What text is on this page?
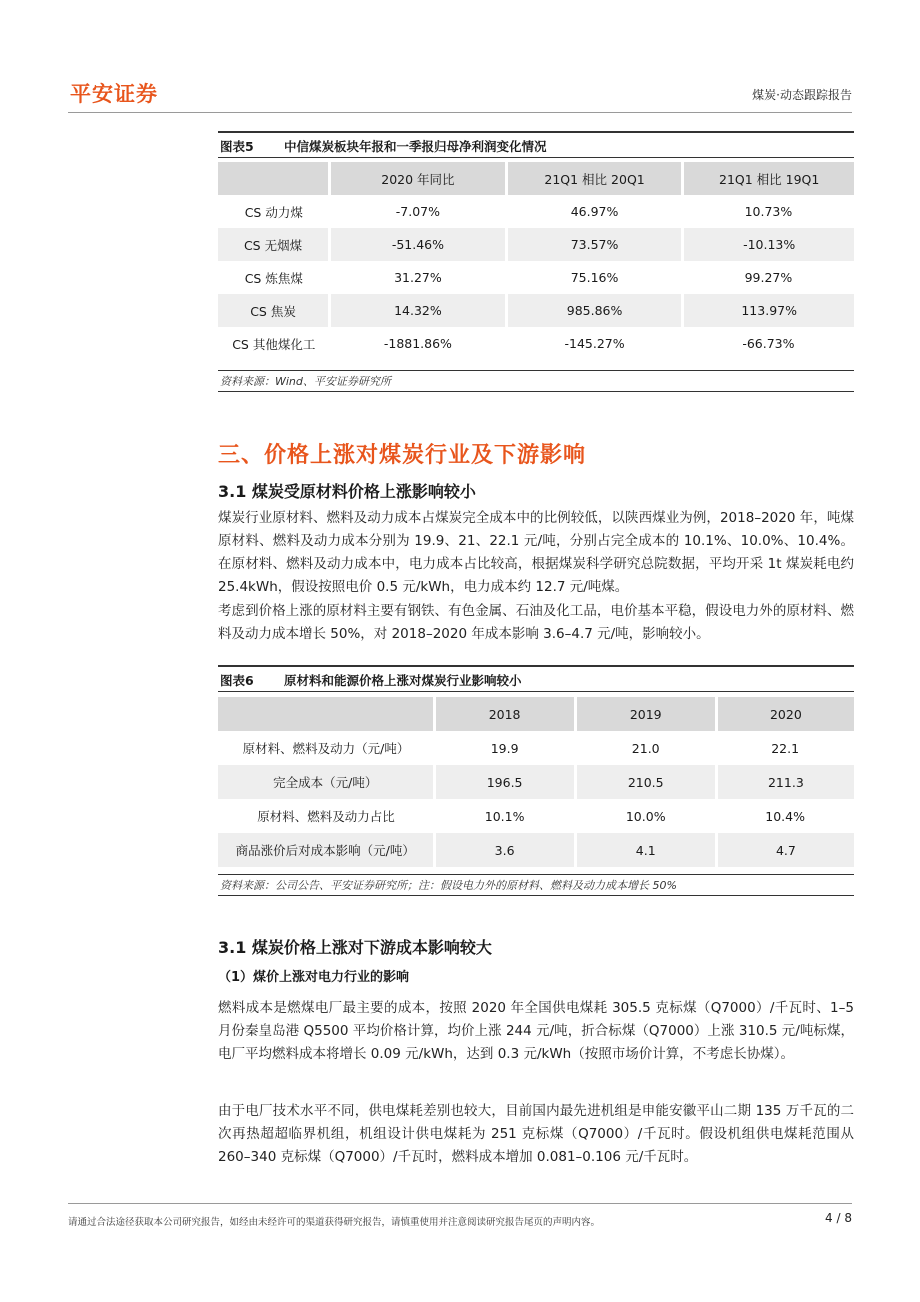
平安证券	煤炭·动态跟踪报告
图表5 中信煤炭板块年报和一季报归母净利润变化情况
	2020 年同比	21Q1 相比 20Q1	21Q1 相比 19Q1
CS 动力煤	-7.07%	46.97%	10.73%
CS 无烟煤	-51.46%	73.57%	-10.13%
CS 炼焦煤	31.27%	75.16%	99.27%
CS 焦炭	14.32%	985.86%	113.97%
CS 其他煤化工	-1881.86%	-145.27%	-66.73%
资料来源：Wind、平安证券研究所
三、价格上涨对煤炭行业及下游影响
3.1 煤炭受原材料价格上涨影响较小
煤炭行业原材料、燃料及动力成本占煤炭完全成本中的比例较低，以陕西煤业为例，2018–2020 年，吨煤原材料、燃料及动力成本分别为 19.9、21、22.1 元/吨，分别占完全成本的 10.1%、10.0%、10.4%。在原材料、燃料及动力成本中，电力成本占比较高，根据煤炭科学研究总院数据，平均开采 1t 煤炭耗电约 25.4kWh，假设按照电价 0.5 元/kWh，电力成本约 12.7 元/吨煤。
考虑到价格上涨的原材料主要有钢铁、有色金属、石油及化工品，电价基本平稳，假设电力外的原材料、燃料及动力成本增长 50%，对 2018–2020 年成本影响 3.6–4.7 元/吨，影响较小。
图表6 原材料和能源价格上涨对煤炭行业影响较小
	2018	2019	2020
原材料、燃料及动力（元/吨）	19.9	21.0	22.1
完全成本（元/吨）	196.5	210.5	211.3
原材料、燃料及动力占比	10.1%	10.0%	10.4%
商品涨价后对成本影响（元/吨）	3.6	4.1	4.7
资料来源：公司公告、平安证券研究所；注：假设电力外的原材料、燃料及动力成本增长 50%
3.1 煤炭价格上涨对下游成本影响较大
（1）煤价上涨对电力行业的影响
燃料成本是燃煤电厂最主要的成本，按照 2020 年全国供电煤耗 305.5 克标煤（Q7000）/千瓦时、1–5 月份秦皇岛港 Q5500 平均价格计算，均价上涨 244 元/吨，折合标煤（Q7000）上涨 310.5 元/吨标煤，电厂平均燃料成本将增长 0.09 元/kWh，达到 0.3 元/kWh（按照市场价计算，不考虑长协煤）。
由于电厂技术水平不同，供电煤耗差别也较大，目前国内最先进机组是申能安徽平山二期 135 万千瓦的二次再热超超临界机组，机组设计供电煤耗为 251 克标煤（Q7000）/千瓦时。假设机组供电煤耗范围从 260–340 克标煤（Q7000）/千瓦时，燃料成本增加 0.081–0.106 元/千瓦时。
请通过合法途径获取本公司研究报告，如经由未经许可的渠道获得研究报告，请慎重使用并注意阅读研究报告尾页的声明内容。	4 / 8
